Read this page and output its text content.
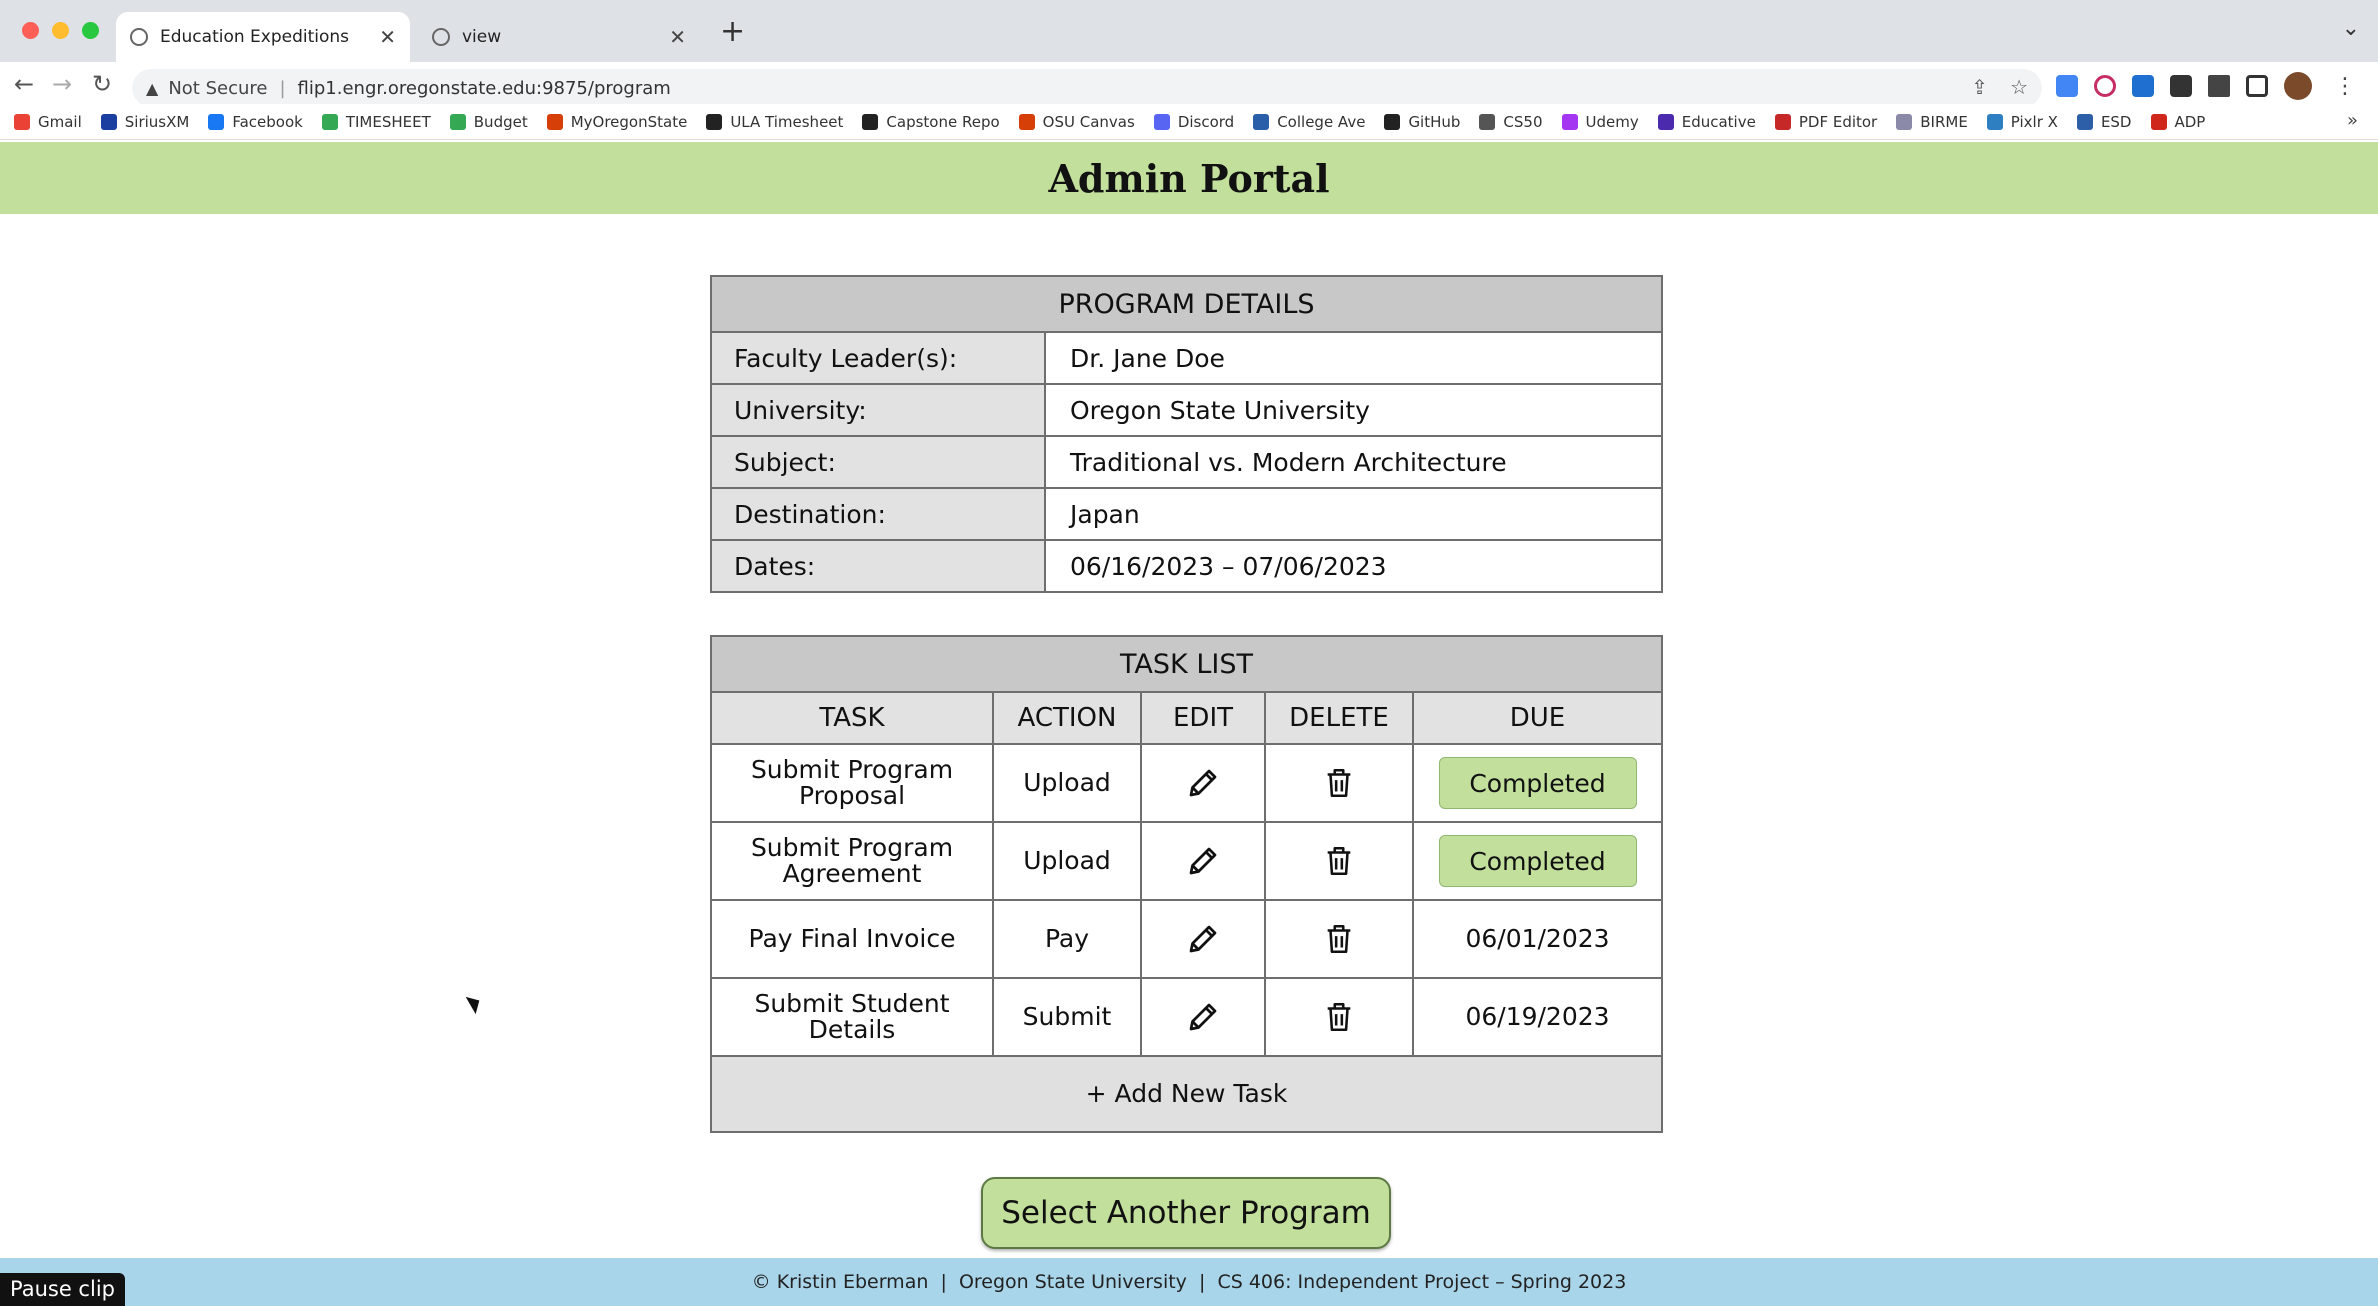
Education Expeditions	✕	view	✕ +	⌄
← → ↻ ▲ Not Secure | flip1.engr.oregonstate.edu:9875/program	⇪ ☆	⋮
Gmail	SiriusXM	Facebook	TIMESHEET	Budget	MyOregonState	ULA Timesheet	Capstone Repo	OSU Canvas	Discord	College Ave	GitHub	CS50	Udemy	Educative	PDF Editor	BIRME	Pixlr X	ESD	ADP	»
Admin Portal
PROGRAM DETAILS	
Faculty Leader(s):	Dr. Jane Doe
University:	Oregon State University
Subject:	Traditional vs. Modern Architecture
Destination:	Japan
Dates:	06/16/2023 – 07/06/2023
TASK LIST				
TASK	ACTION	EDIT	DELETE	DUE
Submit Program Proposal	Upload			Completed
Submit Program Agreement	Upload			Completed
Pay Final Invoice	Pay			06/01/2023
Submit Student Details	Submit			06/19/2023
+ Add New Task				
Select Another Program
© Kristin Eberman  |  Oregon State University  |  CS 406: Independent Project – Spring 2023
Pause clip
